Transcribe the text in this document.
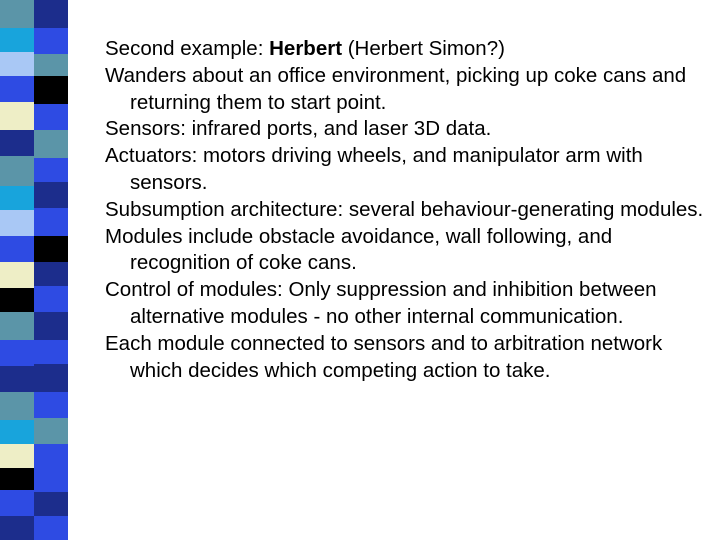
Second example: Herbert (Herbert Simon?)

Wanders about an office environment, picking up coke cans and returning them to start point.

Sensors: infrared ports, and laser 3D data.

Actuators: motors driving wheels, and manipulator arm with sensors.

Subsumption architecture: several behaviour-generating modules.

Modules include obstacle avoidance, wall following, and recognition of coke cans.

Control of modules: Only suppression and inhibition between alternative modules - no other internal communication.

Each module connected to sensors and to arbitration network which decides which competing action to take.
